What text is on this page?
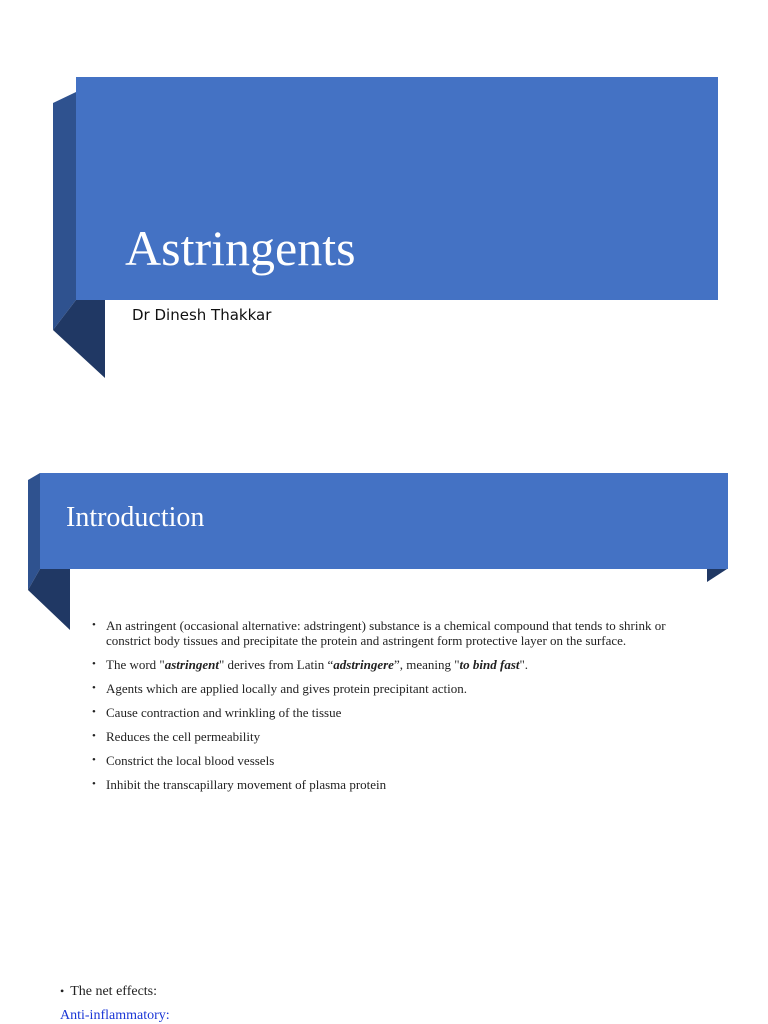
Astringents
Dr Dinesh Thakkar
Introduction
• An astringent (occasional alternative: adstringent) substance is a chemical compound that tends to shrink or constrict body tissues and precipitate the protein and astringent form protective layer on the surface.
• The word "astringent" derives from Latin “adstringere”, meaning "to bind fast".
• Agents which are applied locally and gives protein precipitant action.
• Cause contraction and wrinkling of the tissue
• Reduces the cell permeability
• Constrict the local blood vessels
• Inhibit the transcapillary movement of plasma protein
• The net effects:
Anti-inflammatory:
